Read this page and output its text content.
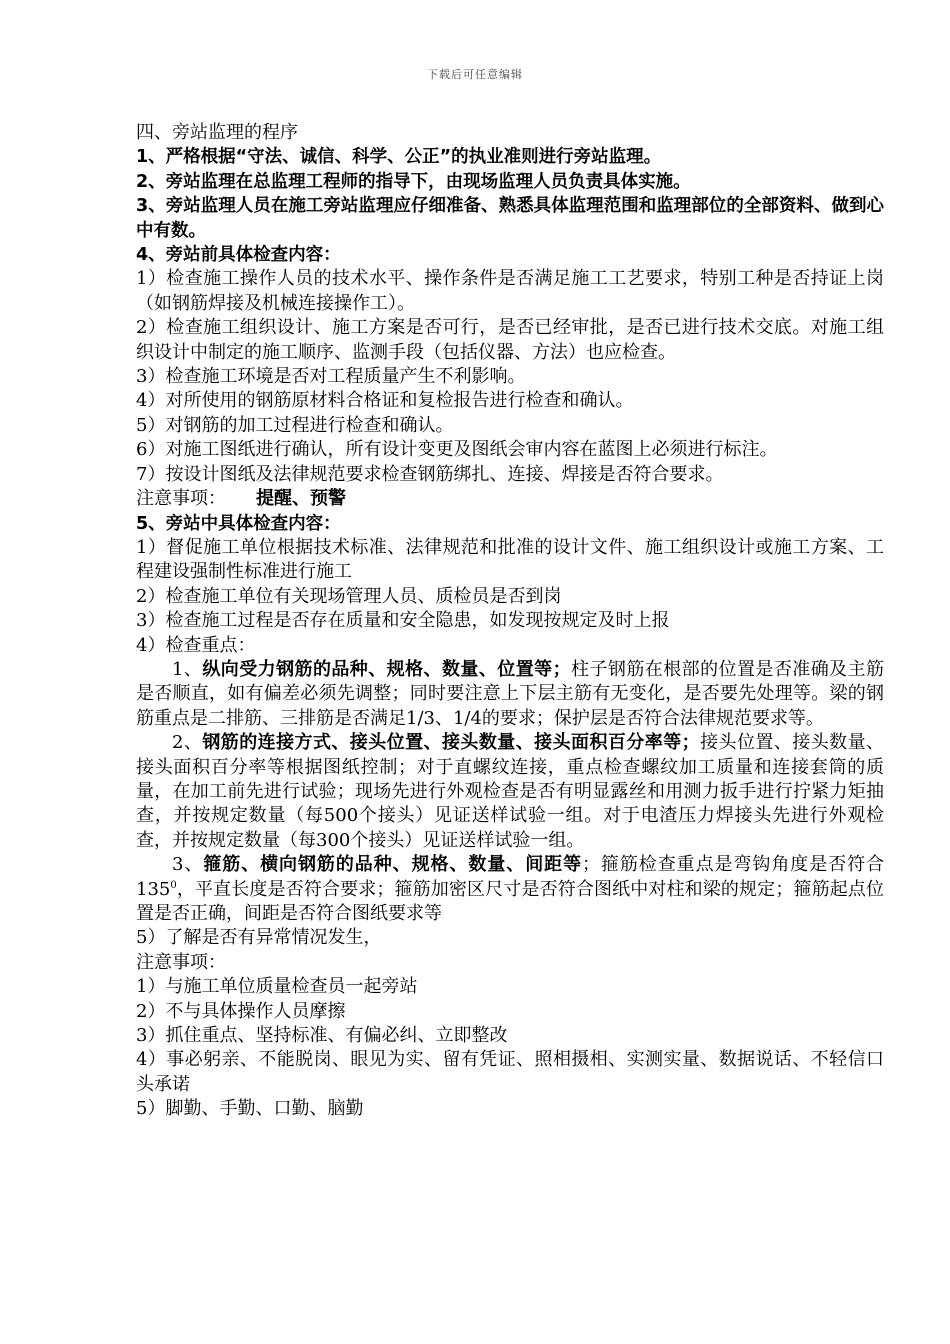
下载后可任意编辑

四、旁站监理的程序

1、严格根据“守法、诚信、科学、公正”的执业准则进行旁站监理。

2、旁站监理在总监理工程师的指导下，由现场监理人员负责具体实施。

3、旁站监理人员在施工旁站监理应仔细准备、熟悉具体监理范围和监理部位的全部资料、做到心中有数。

4、旁站前具体检查内容：

1）检查施工操作人员的技术水平、操作条件是否满足施工工艺要求，特别工种是否持证上岗（如钢筋焊接及机械连接操作工）。

2）检查施工组织设计、施工方案是否可行，是否已经审批，是否已进行技术交底。对施工组织设计中制定的施工顺序、监测手段（包括仪器、方法）也应检查。

3）检查施工环境是否对工程质量产生不利影响。

4）对所使用的钢筋原材料合格证和复检报告进行检查和确认。

5）对钢筋的加工过程进行检查和确认。

6）对施工图纸进行确认，所有设计变更及图纸会审内容在蓝图上必须进行标注。

7）按设计图纸及法律规范要求检查钢筋绑扎、连接、焊接是否符合要求。

注意事项： 提醒、预警

5、旁站中具体检查内容：

1）督促施工单位根据技术标准、法律规范和批准的设计文件、施工组织设计或施工方案、工程建设强制性标准进行施工

2）检查施工单位有关现场管理人员、质检员是否到岗

3）检查施工过程是否存在质量和安全隐患，如发现按规定及时上报

4）检查重点：

1、纵向受力钢筋的品种、规格、数量、位置等；柱子钢筋在根部的位置是否准确及主筋是否顺直，如有偏差必须先调整；同时要注意上下层主筋有无变化，是否要先处理等。梁的钢筋重点是二排筋、三排筋是否满足1/3、1/4的要求；保护层是否符合法律规范要求等。

2、钢筋的连接方式、接头位置、接头数量、接头面积百分率等；接头位置、接头数量、接头面积百分率等根据图纸控制；对于直螺纹连接，重点检查螺纹加工质量和连接套筒的质量，在加工前先进行试验；现场先进行外观检查是否有明显露丝和用测力扳手进行拧紧力矩抽查，并按规定数量（每500个接头）见证送样试验一组。对于电渣压力焊接头先进行外观检查，并按规定数量（每300个接头）见证送样试验一组。

3、箍筋、横向钢筋的品种、规格、数量、间距等；箍筋检查重点是弯钩角度是否符合$135^0$，平直长度是否符合要求；箍筋加密区尺寸是否符合图纸中对柱和梁的规定；箍筋起点位置是否正确，间距是否符合图纸要求等

5）了解是否有异常情况发生，

注意事项：

1）与施工单位质量检查员一起旁站

2）不与具体操作人员摩擦

3）抓住重点、坚持标准、有偏必纠、立即整改

4）事必躬亲、不能脱岗、眼见为实、留有凭证、照相摄相、实测实量、数据说话、不轻信口头承诺

5）脚勤、手勤、口勤、脑勤
